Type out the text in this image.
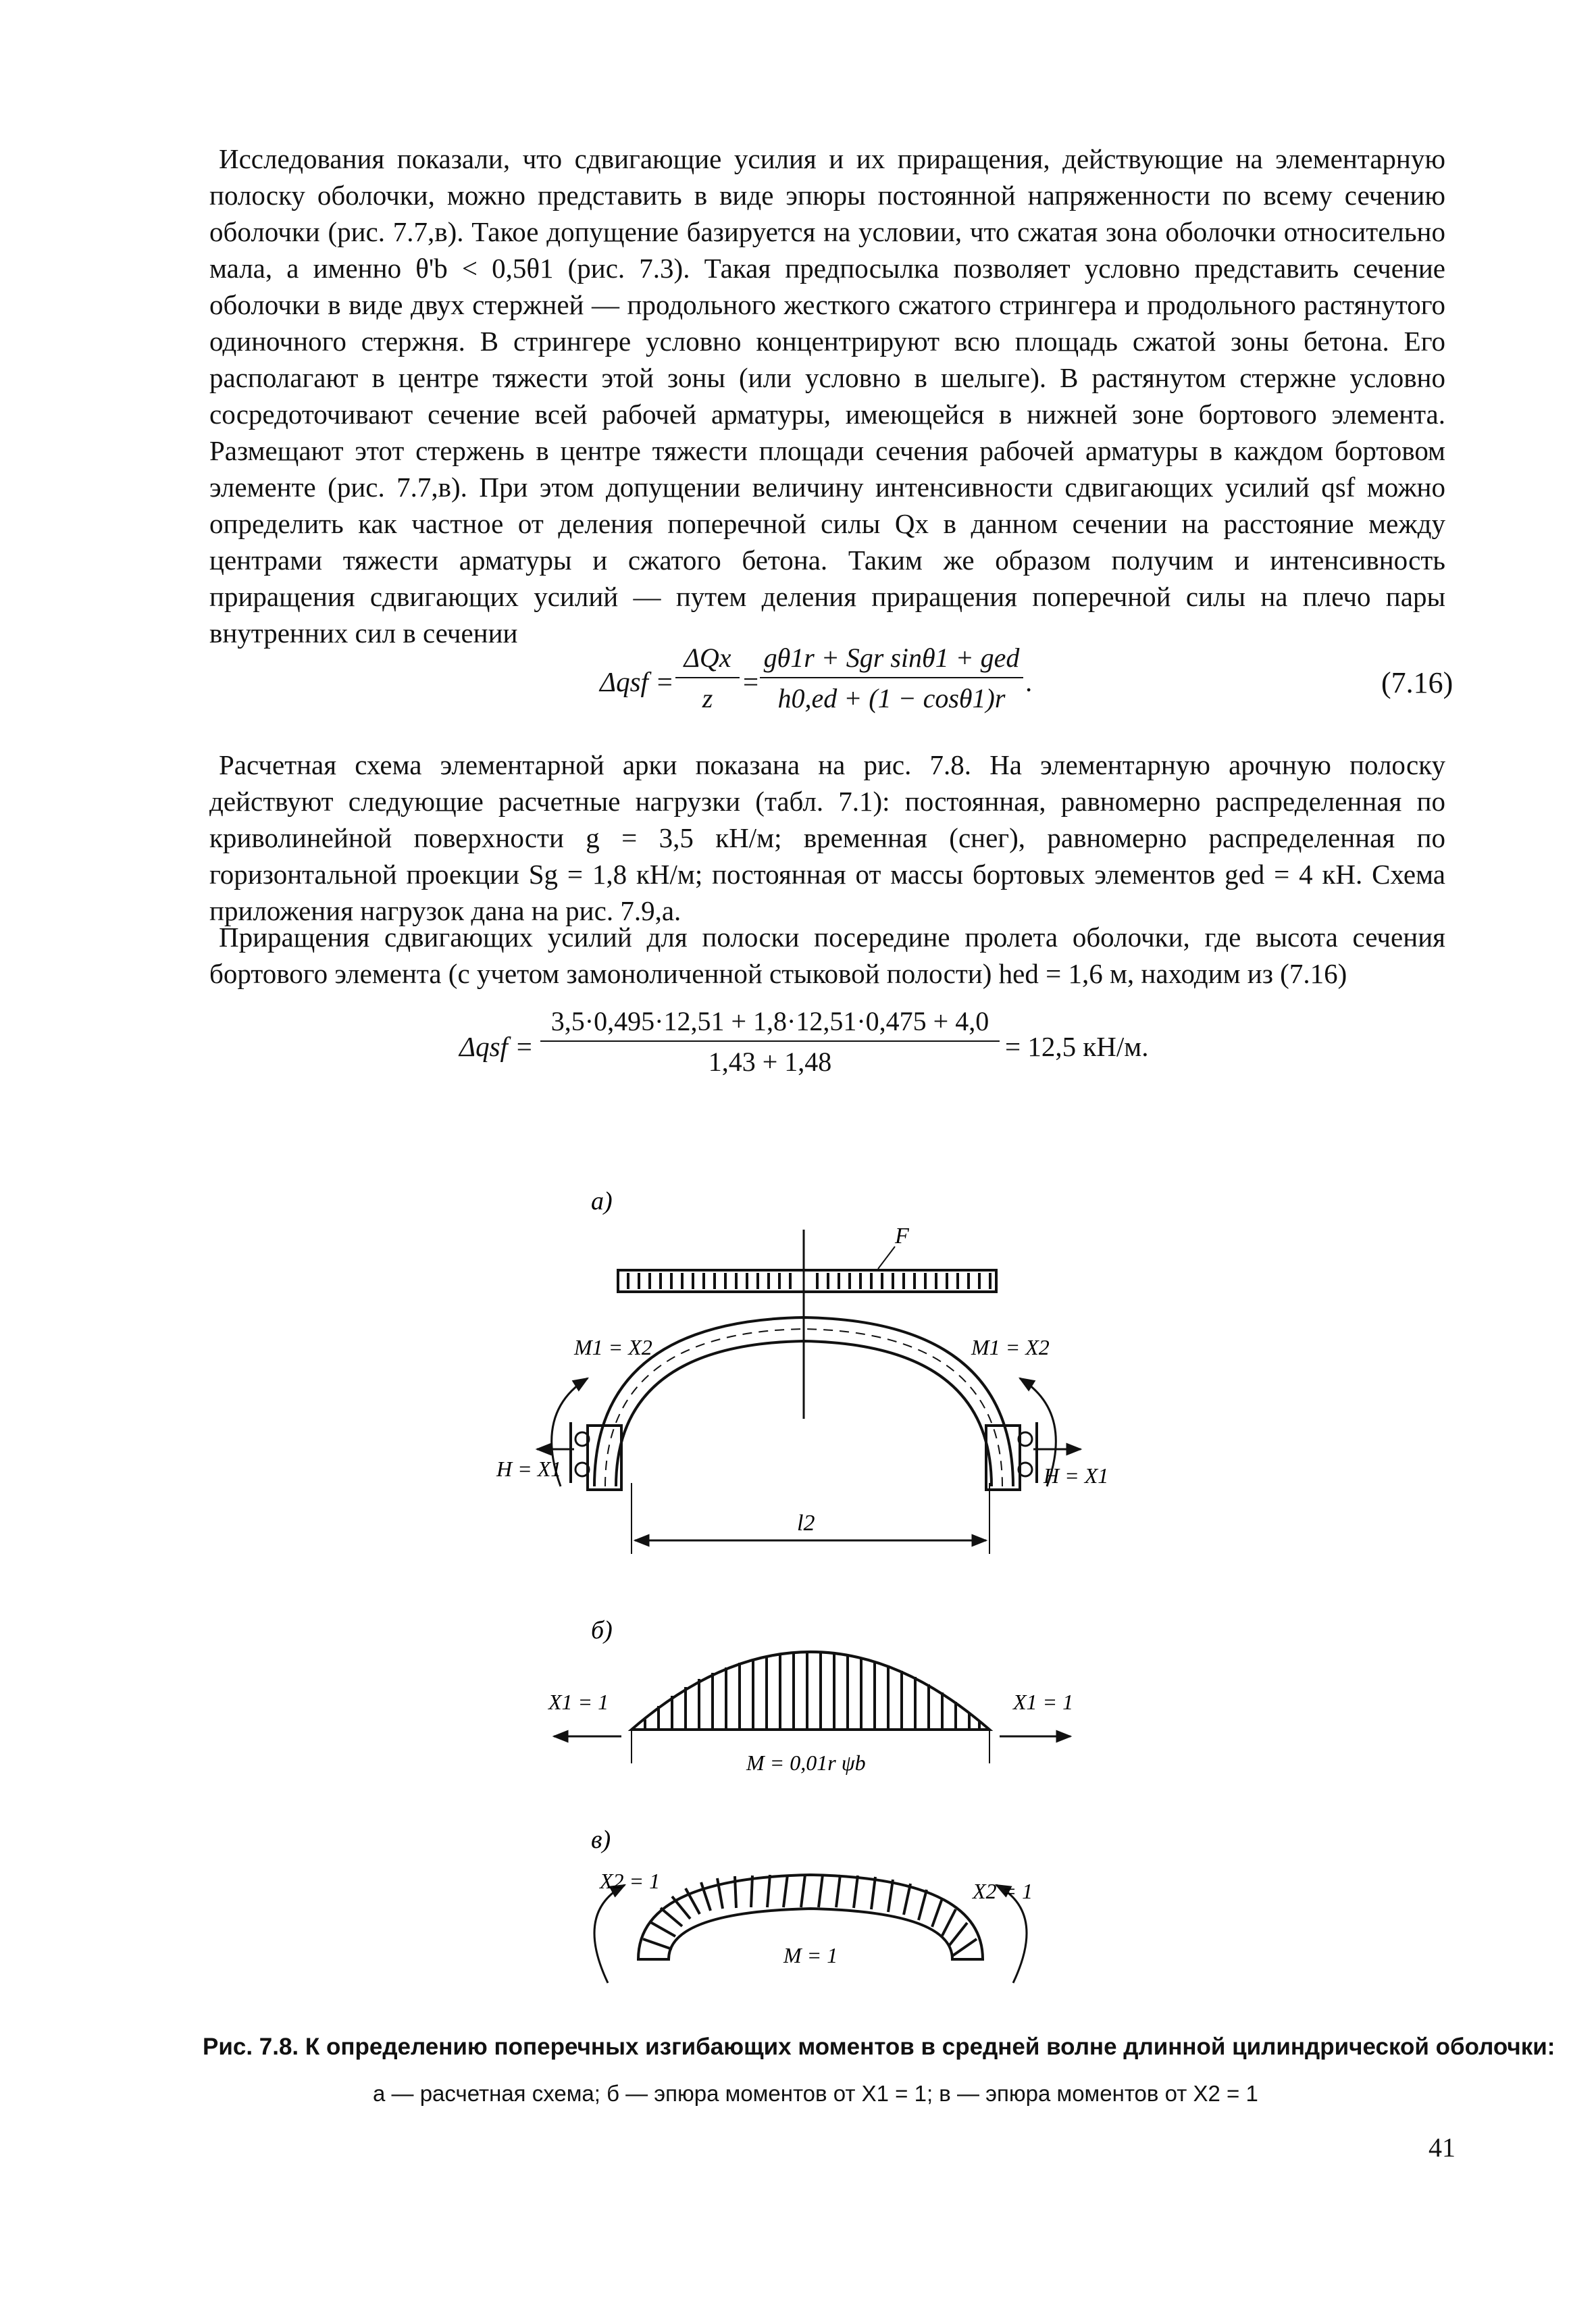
Исследования показали, что сдвигающие усилия и их приращения, действующие на элементарную полоску оболочки, можно представить в виде эпюры постоянной напряженности по всему сечению оболочки (рис. 7.7,в). Такое допущение базируется на условии, что сжатая зона оболочки относительно мала, а именно θ'b < 0,5θ1 (рис. 7.3). Такая предпосылка позволяет условно представить сечение оболочки в виде двух стержней — продольного жесткого сжатого стрингера и продольного растянутого одиночного стержня. В стрингере условно концентрируют всю площадь сжатой зоны бетона. Его располагают в центре тяжести этой зоны (или условно в шелыге). В растянутом стержне условно сосредоточивают сечение всей рабочей арматуры, имеющейся в нижней зоне бортового элемента. Размещают этот стержень в центре тяжести площади сечения рабочей арматуры в каждом бортовом элементе (рис. 7.7,в). При этом допущении величину интенсивности сдвигающих усилий qsf можно определить как частное от деления поперечной силы Qx в данном сечении на расстояние между центрами тяжести арматуры и сжатого бетона. Таким же образом получим и интенсивность приращения сдвигающих усилий — путем деления приращения поперечной силы на плечо пары внутренних сил в сечении

Δqsf =
ΔQx
z
=
gθ1r + Sgr sinθ1 + ged
h0,ed + (1 − cosθ1)r
.	(7.16)

Расчетная схема элементарной арки показана на рис. 7.8. На элементарную арочную полоску действуют следующие расчетные нагрузки (табл. 7.1): постоянная, равномерно распределенная по криволинейной поверхности g = 3,5 кН/м; временная (снег), равномерно распределенная по горизонтальной проекции Sg = 1,8 кН/м; постоянная от массы бортовых элементов ged = 4 кН. Схема приложения нагрузок дана на рис. 7.9,а.

Приращения сдвигающих усилий для полоски посередине пролета оболочки, где высота сечения бортового элемента (с учетом замоноличенной стыковой полости) hed = 1,6 м, находим из (7.16)

Δqsf =
3,5·0,495·12,51 + 1,8·12,51·0,475 + 4,0
1,43 + 1,48	= 12,5 кН/м.
а)
F
M1 = X2	M1 = X2
H = X1	H = X1
l2
б)
X1 = 1	X1 = 1
M = 0,01r ψb
в)
X2 = 1	X2 = 1
M = 1
Рис. 7.8. К определению поперечных изгибающих моментов в средней волне длинной цилиндрической оболочки:
а — расчетная схема; б — эпюра моментов от X1 = 1; в — эпюра моментов от X2 = 1
41
